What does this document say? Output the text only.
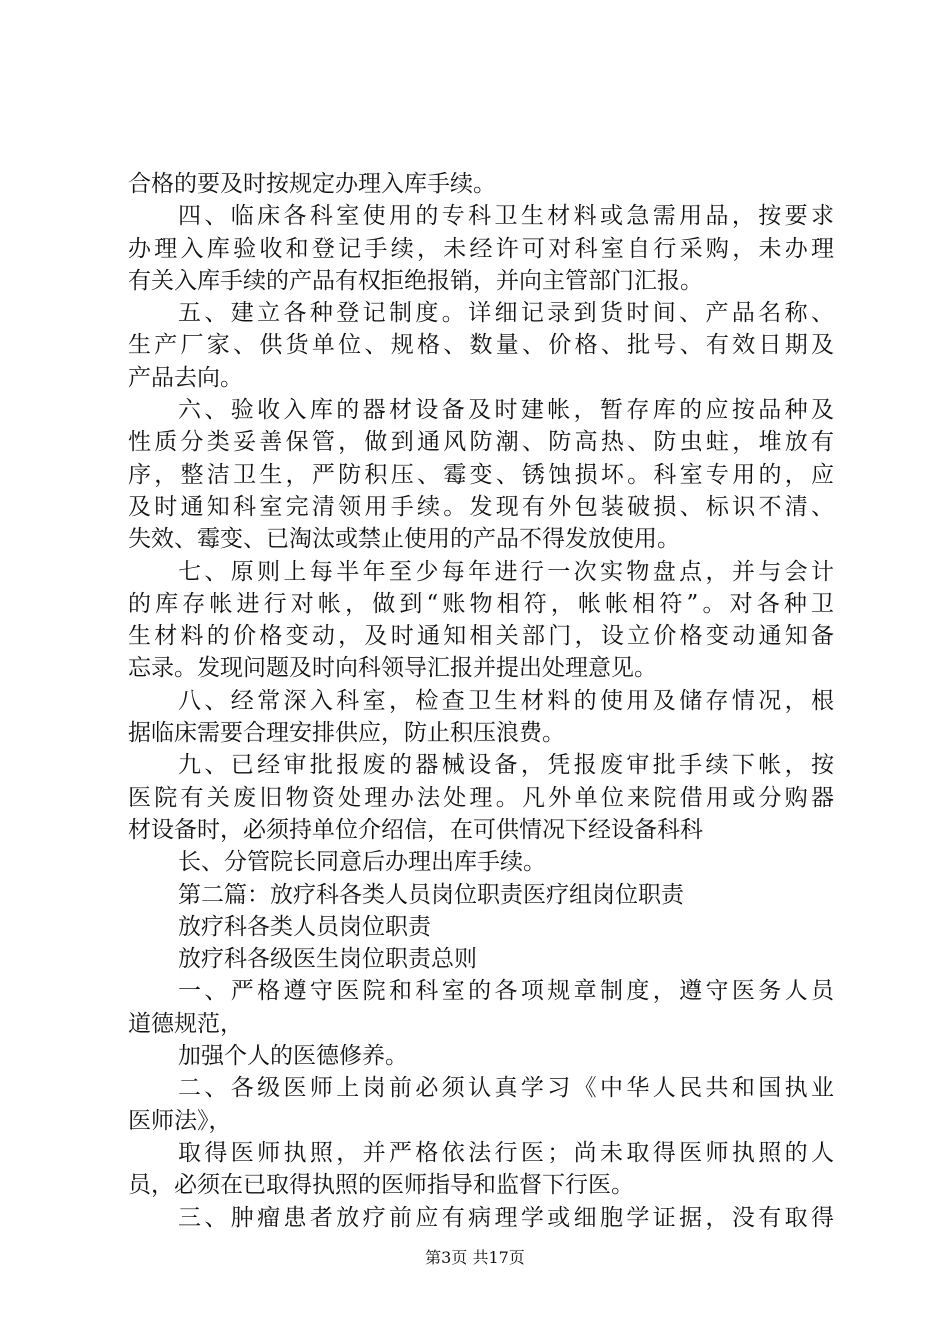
合格的要及时按规定办理入库手续。
四、临床各科室使用的专科卫生材料或急需用品，按要求
办理入库验收和登记手续，未经许可对科室自行采购，未办理
有关入库手续的产品有权拒绝报销，并向主管部门汇报。
五、建立各种登记制度。详细记录到货时间、产品名称、
生产厂家、供货单位、规格、数量、价格、批号、有效日期及
产品去向。
六、验收入库的器材设备及时建帐，暂存库的应按品种及
性质分类妥善保管，做到通风防潮、防高热、防虫蛀，堆放有
序，整洁卫生，严防积压、霉变、锈蚀损坏。科室专用的，应
及时通知科室完清领用手续。发现有外包装破损、标识不清、
失效、霉变、已淘汰或禁止使用的产品不得发放使用。
七、原则上每半年至少每年进行一次实物盘点，并与会计
的库存帐进行对帐，做到“账物相符，帐帐相符”。对各种卫
生材料的价格变动，及时通知相关部门，设立价格变动通知备
忘录。发现问题及时向科领导汇报并提出处理意见。
八、经常深入科室，检查卫生材料的使用及储存情况，根
据临床需要合理安排供应，防止积压浪费。
九、已经审批报废的器械设备，凭报废审批手续下帐，按
医院有关废旧物资处理办法处理。凡外单位来院借用或分购器
材设备时，必须持单位介绍信，在可供情况下经设备科科
长、分管院长同意后办理出库手续。
第二篇：放疗科各类人员岗位职责医疗组岗位职责
放疗科各类人员岗位职责
放疗科各级医生岗位职责总则
一、严格遵守医院和科室的各项规章制度，遵守医务人员
道德规范，
加强个人的医德修养。
二、各级医师上岗前必须认真学习《中华人民共和国执业
医师法》，
取得医师执照，并严格依法行医；尚未取得医师执照的人
员，必须在已取得执照的医师指导和监督下行医。
三、肿瘤患者放疗前应有病理学或细胞学证据，没有取得
第3页 共17页
